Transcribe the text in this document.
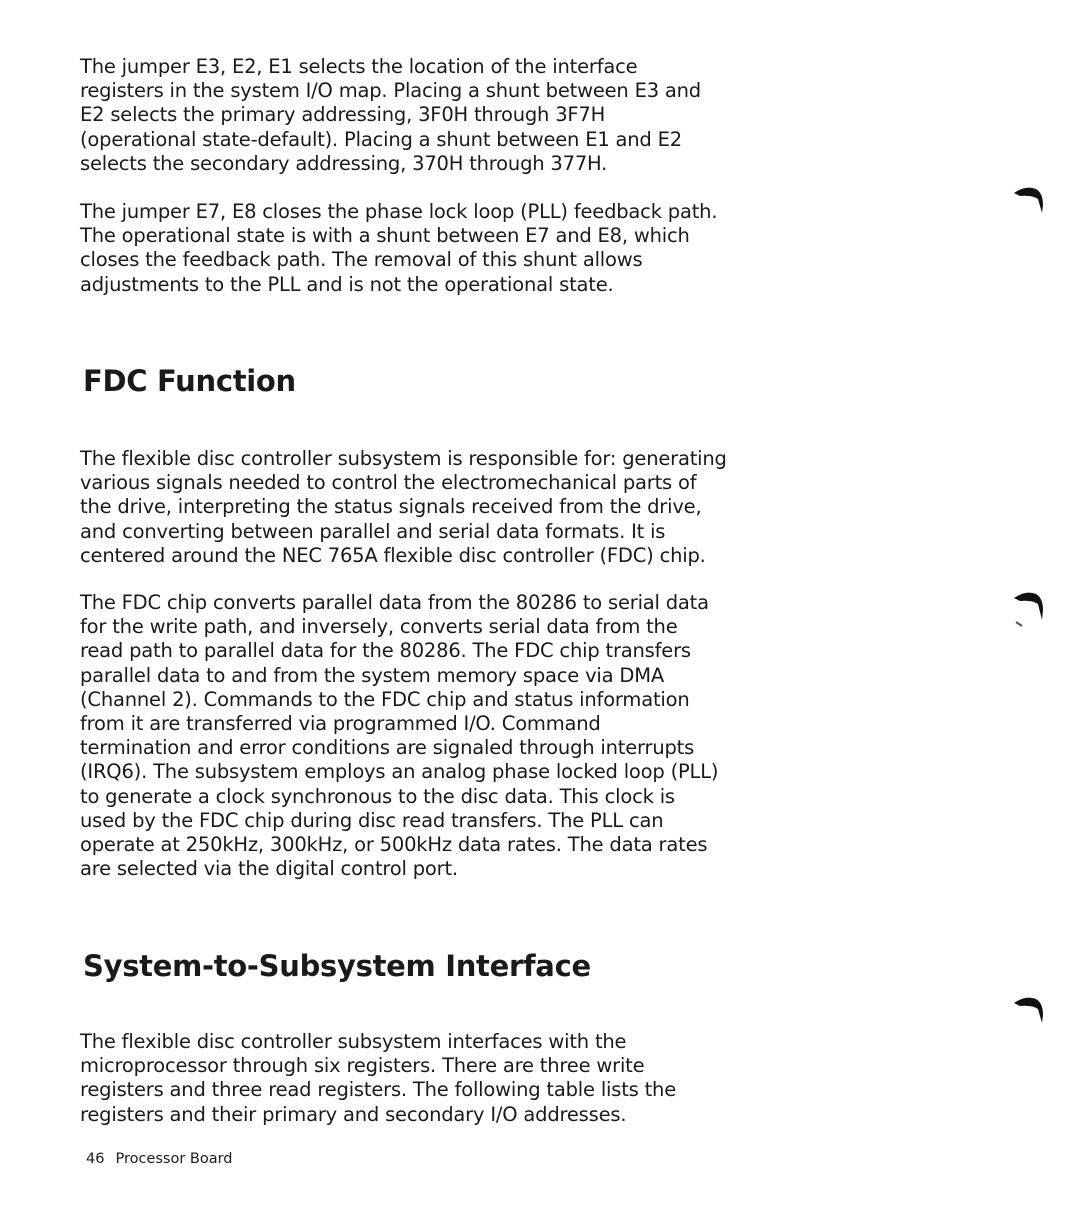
The jumper E3, E2, E1 selects the location of the interface
registers in the system I/O map. Placing a shunt between E3 and
E2 selects the primary addressing, 3F0H through 3F7H
(operational state-default). Placing a shunt between E1 and E2
selects the secondary addressing, 370H through 377H.

The jumper E7, E8 closes the phase lock loop (PLL) feedback path.
The operational state is with a shunt between E7 and E8, which
closes the feedback path. The removal of this shunt allows
adjustments to the PLL and is not the operational state.

FDC Function

The flexible disc controller subsystem is responsible for: generating
various signals needed to control the electromechanical parts of
the drive, interpreting the status signals received from the drive,
and converting between parallel and serial data formats. It is
centered around the NEC 765A flexible disc controller (FDC) chip.

The FDC chip converts parallel data from the 80286 to serial data
for the write path, and inversely, converts serial data from the
read path to parallel data for the 80286. The FDC chip transfers
parallel data to and from the system memory space via DMA
(Channel 2). Commands to the FDC chip and status information
from it are transferred via programmed I/O. Command
termination and error conditions are signaled through interrupts
(IRQ6). The subsystem employs an analog phase locked loop (PLL)
to generate a clock synchronous to the disc data. This clock is
used by the FDC chip during disc read transfers. The PLL can
operate at 250kHz, 300kHz, or 500kHz data rates. The data rates
are selected via the digital control port.

System-to-Subsystem Interface

The flexible disc controller subsystem interfaces with the
microprocessor through six registers. There are three write
registers and three read registers. The following table lists the
registers and their primary and secondary I/O addresses.

46 Processor Board
